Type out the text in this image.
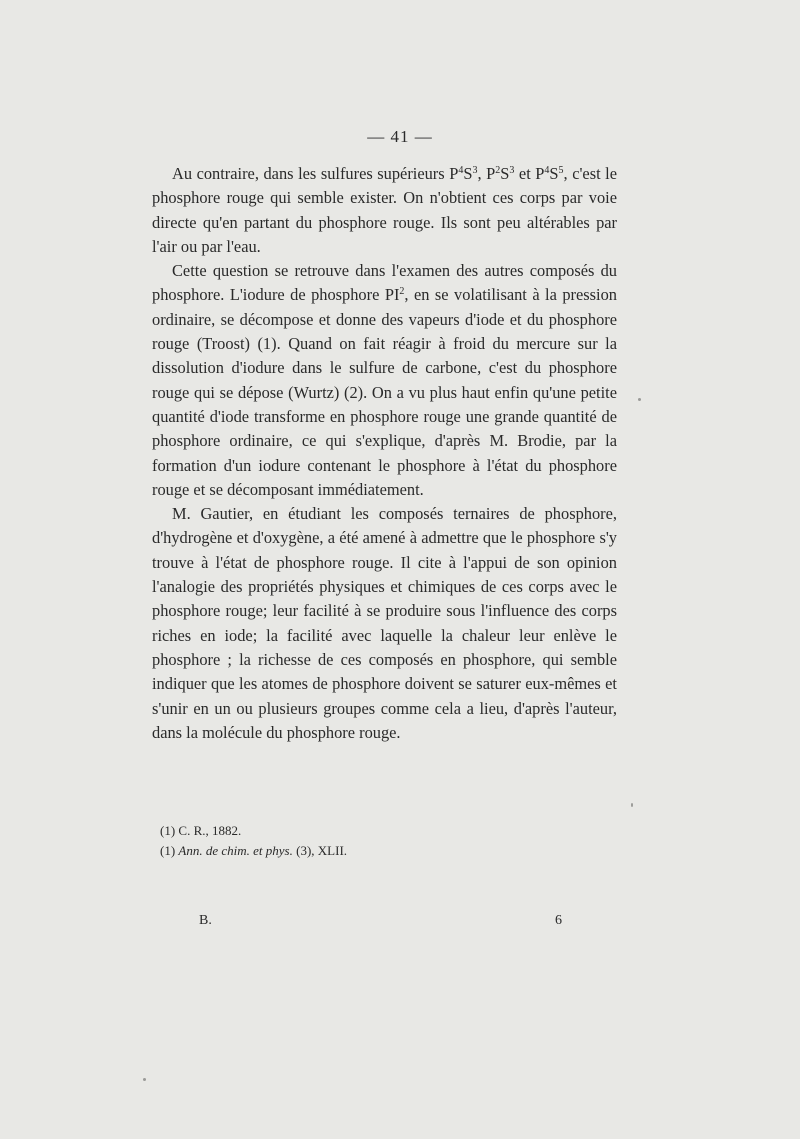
— 41 —

Au contraire, dans les sulfures supérieurs $P^4S^3$, $P^2S^3$ et $P^4S^5$, c'est le phosphore rouge qui semble exister. On n'obtient ces corps par voie directe qu'en partant du phosphore rouge. Ils sont peu altérables par l'air ou par l'eau.

Cette question se retrouve dans l'examen des autres composés du phosphore. L'iodure de phosphore $PI^2$, en se volatilisant à la pression ordinaire, se décompose et donne des vapeurs d'iode et du phosphore rouge (Troost) (1). Quand on fait réagir à froid du mercure sur la dissolution d'iodure dans le sulfure de carbone, c'est du phosphore rouge qui se dépose (Wurtz) (2). On a vu plus haut enfin qu'une petite quantité d'iode transforme en phosphore rouge une grande quantité de phosphore ordinaire, ce qui s'explique, d'après M. Brodie, par la formation d'un iodure contenant le phosphore à l'état du phosphore rouge et se décomposant immédiatement.

M. Gautier, en étudiant les composés ternaires de phosphore, d'hydrogène et d'oxygène, a été amené à admettre que le phosphore s'y trouve à l'état de phosphore rouge. Il cite à l'appui de son opinion l'analogie des propriétés physiques et chimiques de ces corps avec le phosphore rouge; leur facilité à se produire sous l'influence des corps riches en iode; la facilité avec laquelle la chaleur leur enlève le phosphore ; la richesse de ces composés en phosphore, qui semble indiquer que les atomes de phosphore doivent se saturer eux-mêmes et s'unir en un ou plusieurs groupes comme cela a lieu, d'après l'auteur, dans la molécule du phosphore rouge.

(1) C. R., 1882.

(1) Ann. de chim. et phys. (3), XLII.

B.	6
